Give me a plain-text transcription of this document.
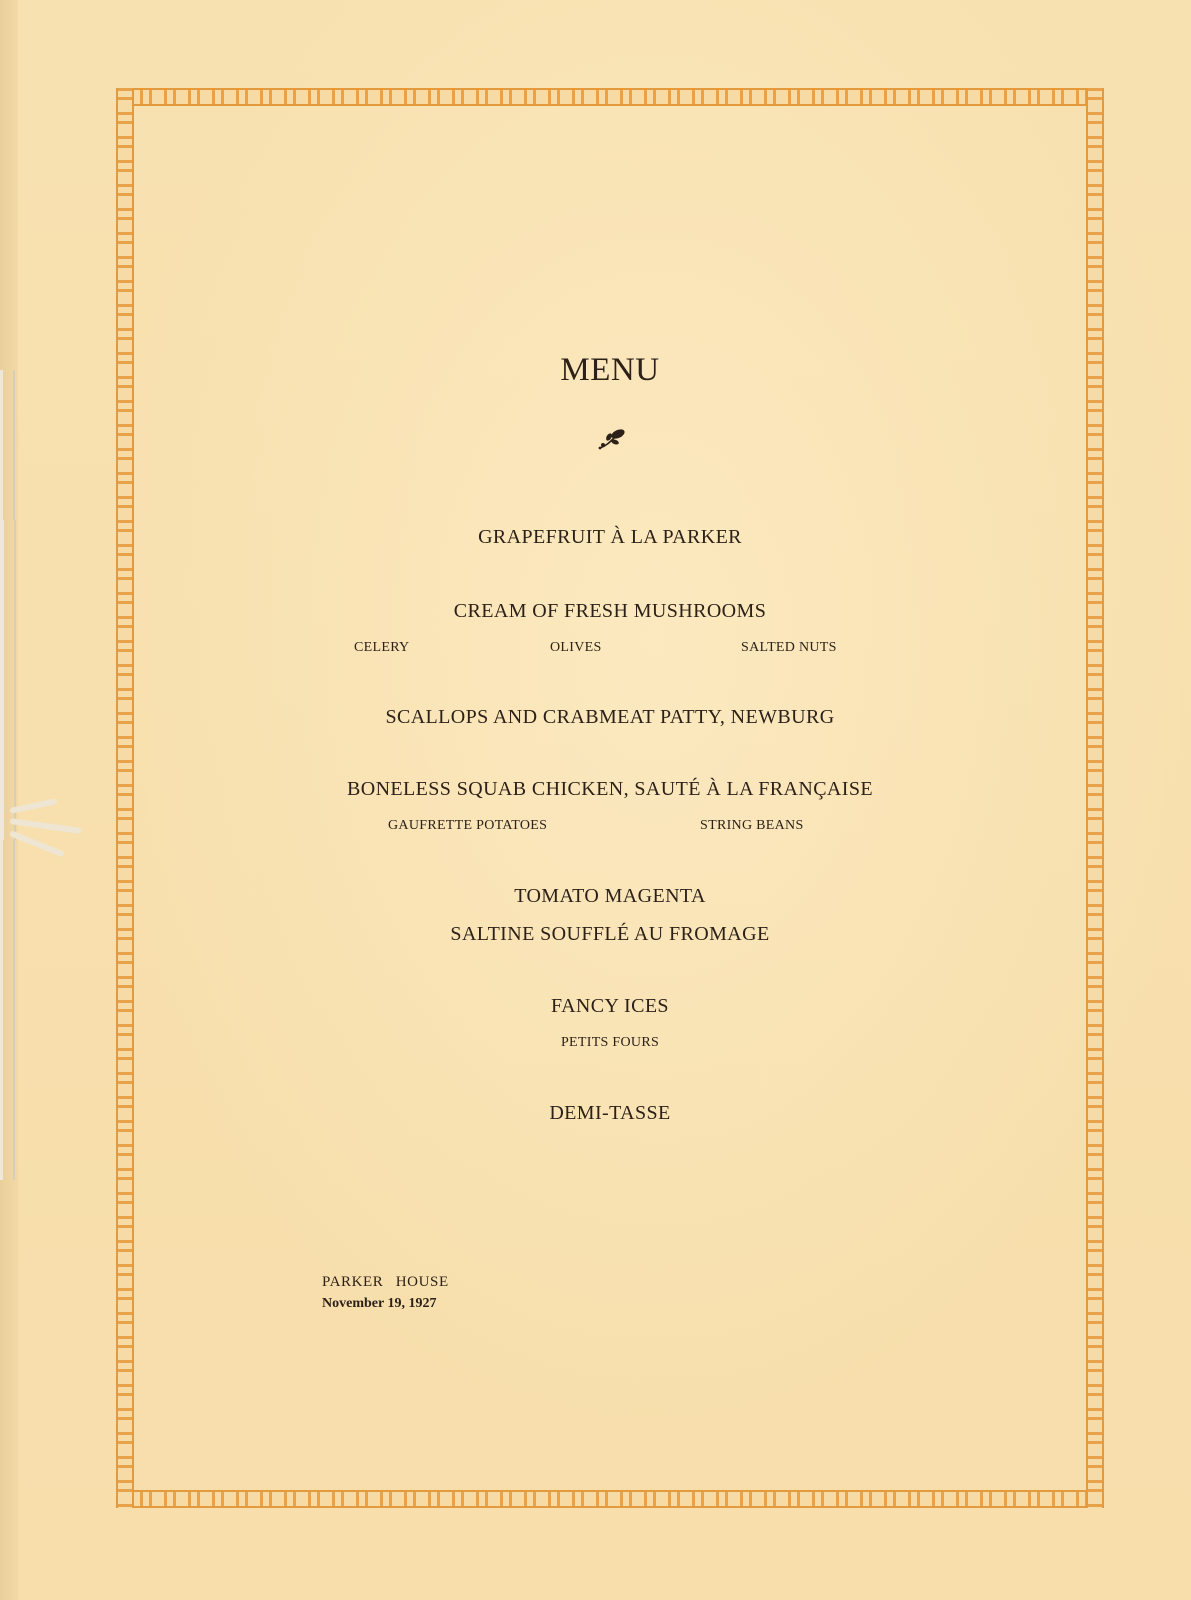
MENU

GRAPEFRUIT À LA PARKER

CREAM OF FRESH MUSHROOMS

CELERY	OLIVES	SALTED NUTS

SCALLOPS AND CRABMEAT PATTY, NEWBURG

BONELESS SQUAB CHICKEN, SAUTÉ À LA FRANÇAISE

GAUFRETTE POTATOES	STRING BEANS

TOMATO MAGENTA

SALTINE SOUFFLÉ AU FROMAGE

FANCY ICES

PETITS FOURS

DEMI-TASSE

PARKER HOUSE

November 19, 1927
